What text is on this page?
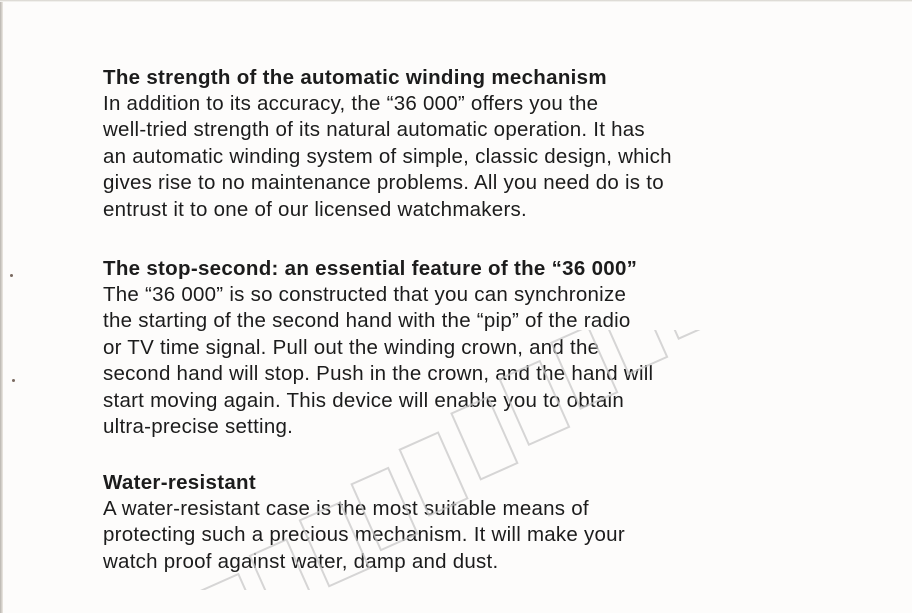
The strength of the automatic winding mechanism

In addition to its accuracy, the “36 000” offers you the

well-tried strength of its natural automatic operation. It has

an automatic winding system of simple, classic design, which

gives rise to no maintenance problems. All you need do is to

entrust it to one of our licensed watchmakers.

The stop-second: an essential feature of the “36 000”

The “36 000” is so constructed that you can synchronize

the starting of the second hand with the “pip” of the radio

or TV time signal. Pull out the winding crown, and the

second hand will stop. Push in the crown, and the hand will

start moving again. This device will enable you to obtain

ultra-precise setting.

Water-resistant

A water-resistant case is the most suitable means of

protecting such a precious mechanism. It will make your

watch proof against water, damp and dust.
